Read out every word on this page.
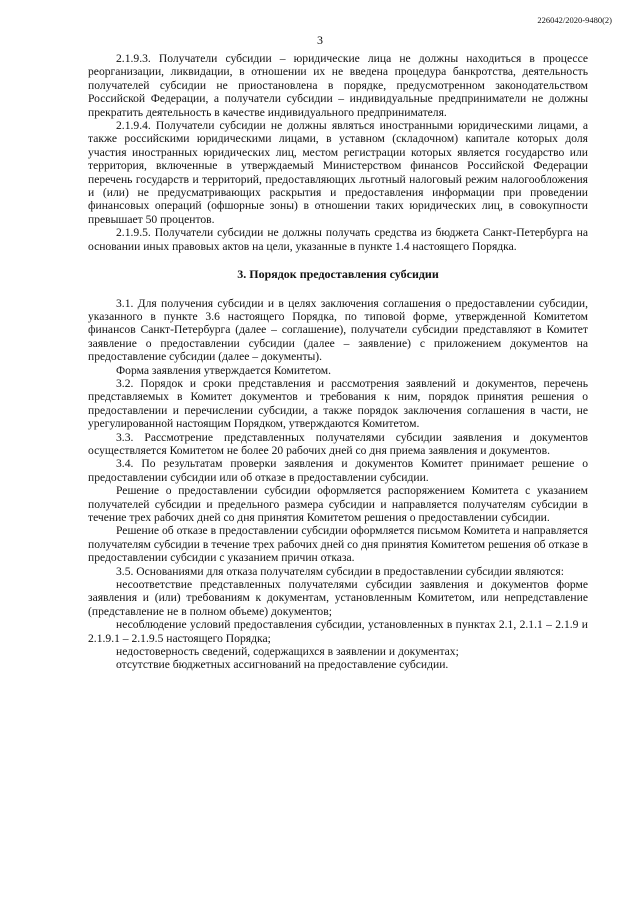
226042/2020-9480(2)
3

2.1.9.3. Получатели субсидии – юридические лица не должны находиться в процессе реорганизации, ликвидации, в отношении их не введена процедура банкротства, деятельность получателей субсидии не приостановлена в порядке, предусмотренном законодательством Российской Федерации, а получатели субсидии – индивидуальные предприниматели не должны прекратить деятельность в качестве индивидуального предпринимателя.

2.1.9.4. Получатели субсидии не должны являться иностранными юридическими лицами, а также российскими юридическими лицами, в уставном (складочном) капитале которых доля участия иностранных юридических лиц, местом регистрации которых является государство или территория, включенные в утверждаемый Министерством финансов Российской Федерации перечень государств и территорий, предоставляющих льготный налоговый режим налогообложения и (или) не предусматривающих раскрытия и предоставления информации при проведении финансовых операций (офшорные зоны) в отношении таких юридических лиц, в совокупности превышает 50 процентов.

2.1.9.5. Получатели субсидии не должны получать средства из бюджета Санкт-Петербурга на основании иных правовых актов на цели, указанные в пункте 1.4 настоящего Порядка.

3. Порядок предоставления субсидии

3.1. Для получения субсидии и в целях заключения соглашения о предоставлении субсидии, указанного в пункте 3.6 настоящего Порядка, по типовой форме, утвержденной Комитетом финансов Санкт-Петербурга (далее – соглашение), получатели субсидии представляют в Комитет заявление о предоставлении субсидии (далее – заявление) с приложением документов на предоставление субсидии (далее – документы).

Форма заявления утверждается Комитетом.

3.2. Порядок и сроки представления и рассмотрения заявлений и документов, перечень представляемых в Комитет документов и требования к ним, порядок принятия решения о предоставлении и перечислении субсидии, а также порядок заключения соглашения в части, не урегулированной настоящим Порядком, утверждаются Комитетом.

3.3. Рассмотрение представленных получателями субсидии заявления и документов осуществляется Комитетом не более 20 рабочих дней со дня приема заявления и документов.

3.4. По результатам проверки заявления и документов Комитет принимает решение о предоставлении субсидии или об отказе в предоставлении субсидии.

Решение о предоставлении субсидии оформляется распоряжением Комитета с указанием получателей субсидии и предельного размера субсидии и направляется получателям субсидии в течение трех рабочих дней со дня принятия Комитетом решения о предоставлении субсидии.

Решение об отказе в предоставлении субсидии оформляется письмом Комитета и направляется получателям субсидии в течение трех рабочих дней со дня принятия Комитетом решения об отказе в предоставлении субсидии с указанием причин отказа.

3.5. Основаниями для отказа получателям субсидии в предоставлении субсидии являются:

несоответствие представленных получателями субсидии заявления и документов форме заявления и (или) требованиям к документам, установленным Комитетом, или непредставление (представление не в полном объеме) документов;

несоблюдение условий предоставления субсидии, установленных в пунктах 2.1, 2.1.1 – 2.1.9 и 2.1.9.1 – 2.1.9.5 настоящего Порядка;

недостоверность сведений, содержащихся в заявлении и документах;

отсутствие бюджетных ассигнований на предоставление субсидии.
